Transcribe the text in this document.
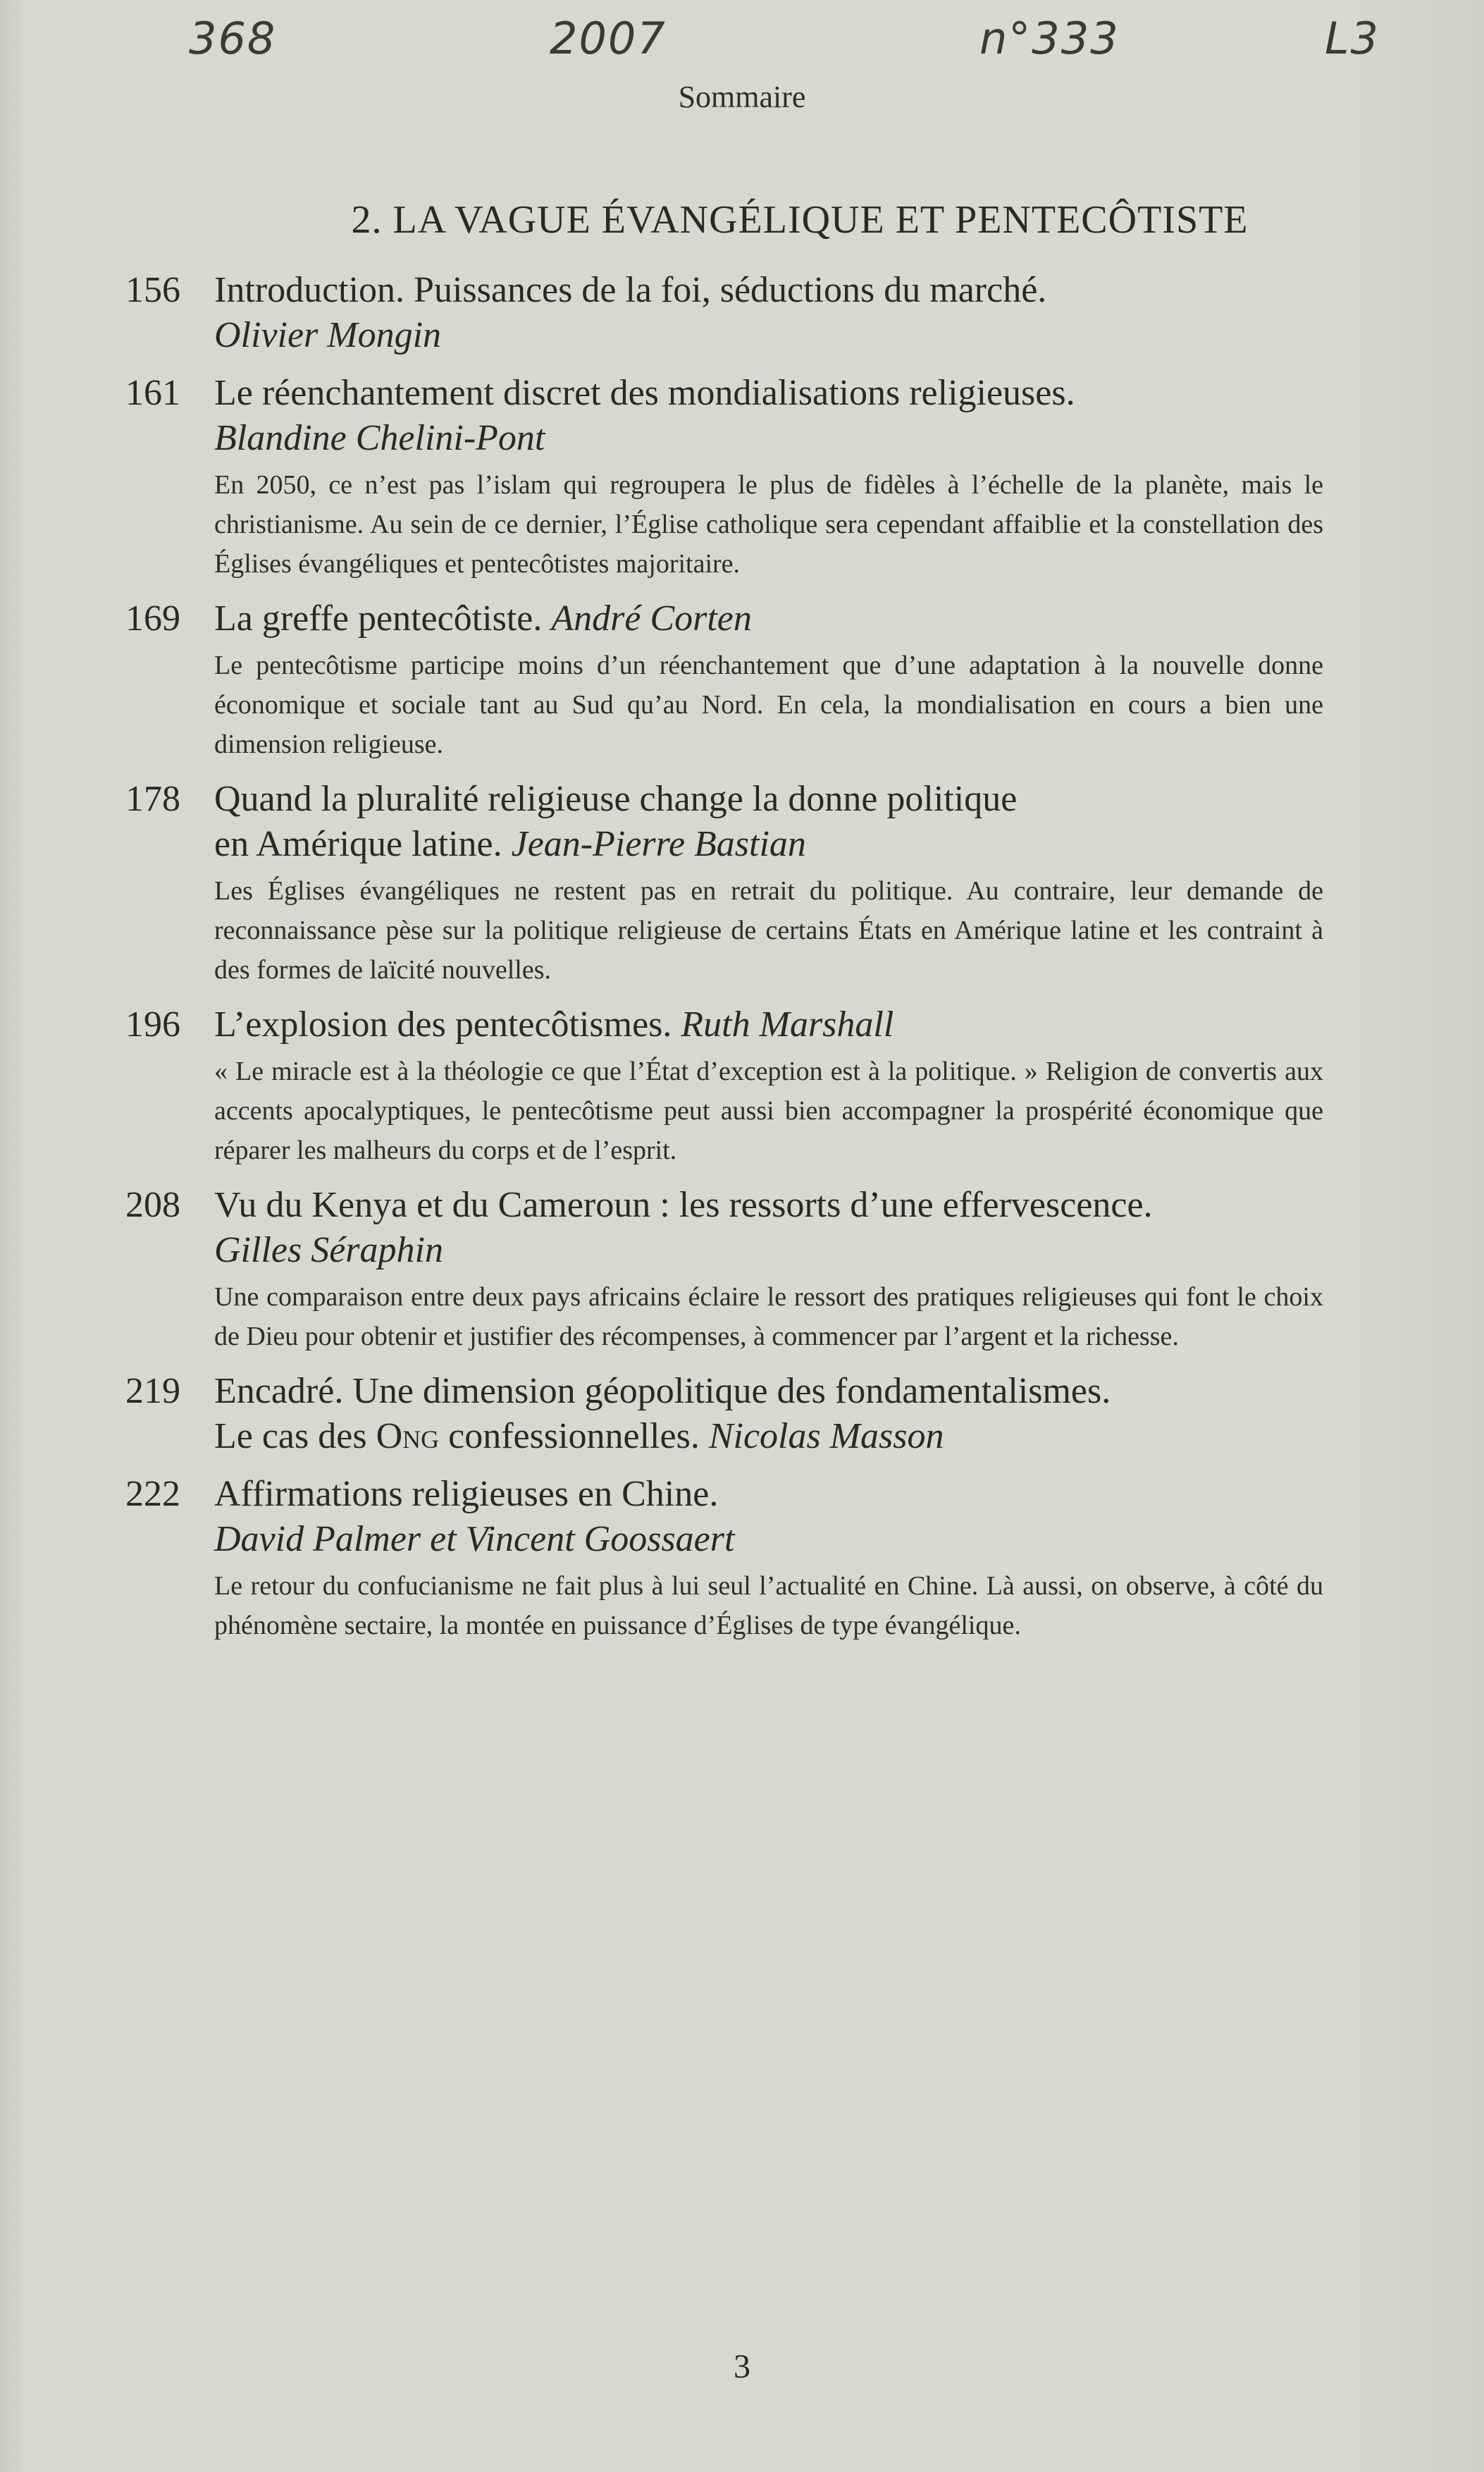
368	2007	n°333	L3
Sommaire
2. LA VAGUE ÉVANGÉLIQUE ET PENTECÔTISTE
156 Introduction. Puissances de la foi, séductions du marché.
Olivier Mongin
161 Le réenchantement discret des mondialisations religieuses.
Blandine Chelini-Pont
En 2050, ce n’est pas l’islam qui regroupera le plus de fidèles à l’échelle de la planète, mais le christianisme. Au sein de ce dernier, l’Église catholique sera cependant affaiblie et la constellation des Églises évangéliques et pentecôtistes majoritaire.
169 La greffe pentecôtiste. André Corten
Le pentecôtisme participe moins d’un réenchantement que d’une adaptation à la nouvelle donne économique et sociale tant au Sud qu’au Nord. En cela, la mondialisation en cours a bien une dimension religieuse.
178 Quand la pluralité religieuse change la donne politique
en Amérique latine. Jean-Pierre Bastian
Les Églises évangéliques ne restent pas en retrait du politique. Au contraire, leur demande de reconnaissance pèse sur la politique religieuse de certains États en Amérique latine et les contraint à des formes de laïcité nouvelles.
196 L’explosion des pentecôtismes. Ruth Marshall
« Le miracle est à la théologie ce que l’État d’exception est à la politique. » Religion de convertis aux accents apocalyptiques, le pentecôtisme peut aussi bien accompagner la prospérité économique que réparer les malheurs du corps et de l’esprit.
208 Vu du Kenya et du Cameroun : les ressorts d’une effervescence.
Gilles Séraphin
Une comparaison entre deux pays africains éclaire le ressort des pratiques religieuses qui font le choix de Dieu pour obtenir et justifier des récompenses, à commencer par l’argent et la richesse.
219 Encadré. Une dimension géopolitique des fondamentalismes.
Le cas des Ong confessionnelles. Nicolas Masson
222 Affirmations religieuses en Chine.
David Palmer et Vincent Goossaert
Le retour du confucianisme ne fait plus à lui seul l’actualité en Chine. Là aussi, on observe, à côté du phénomène sectaire, la montée en puissance d’Églises de type évangélique.
3
